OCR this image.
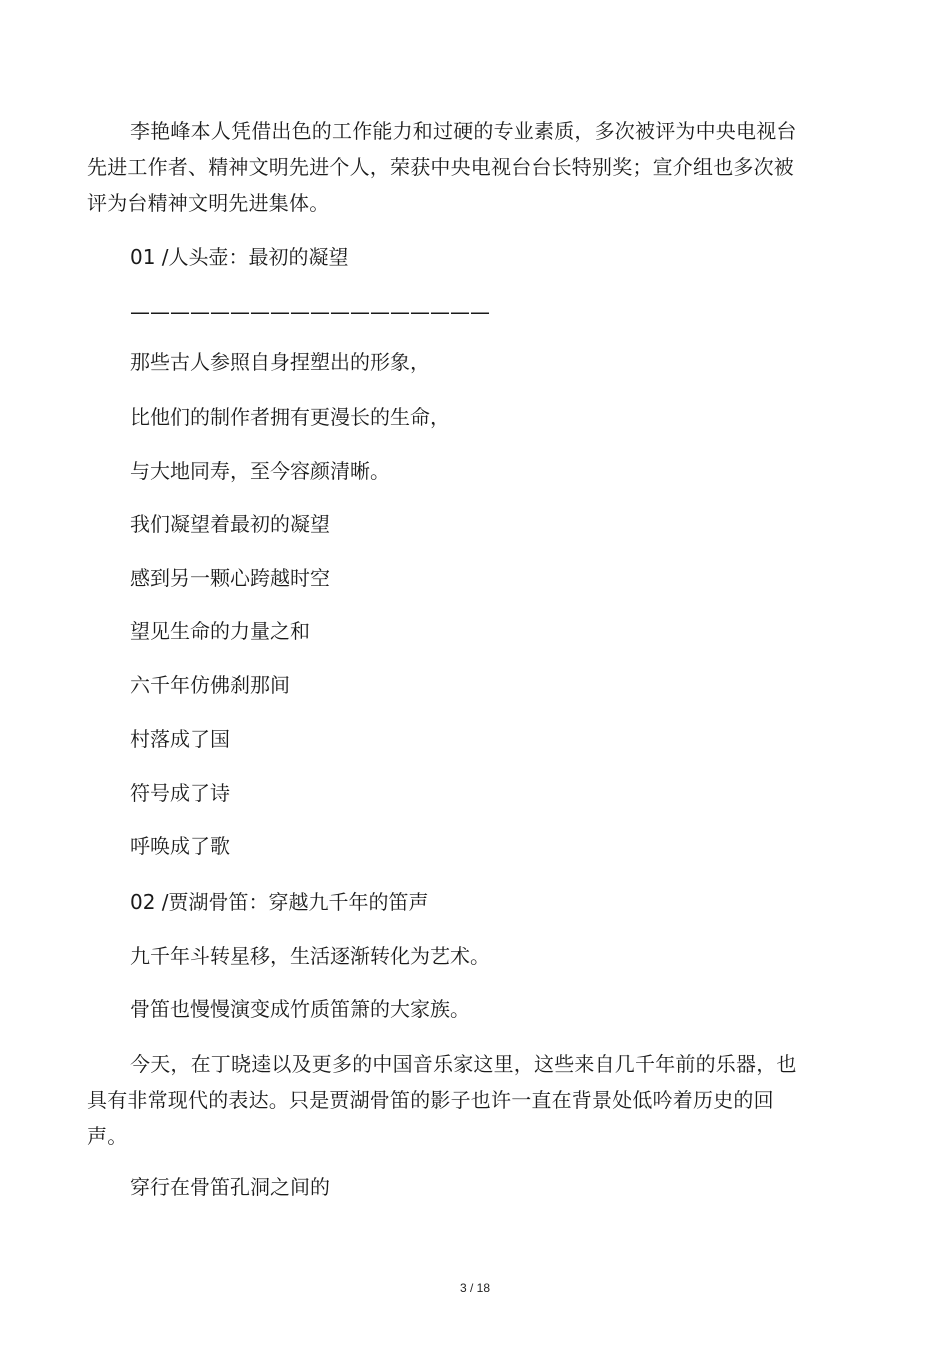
李艳峰本人凭借出色的工作能力和过硬的专业素质，多次被评为中央电视台先进工作者、精神文明先进个人，荣获中央电视台台长特别奖；宣介组也多次被评为台精神文明先进集体。

01 /人头壶：最初的凝望

——————————————————

那些古人参照自身捏塑出的形象，

比他们的制作者拥有更漫长的生命，

与大地同寿，至今容颜清晰。

我们凝望着最初的凝望

感到另一颗心跨越时空

望见生命的力量之和

六千年仿佛刹那间

村落成了国

符号成了诗

呼唤成了歌

02 /贾湖骨笛：穿越九千年的笛声

九千年斗转星移，生活逐渐转化为艺术。

骨笛也慢慢演变成竹质笛箫的大家族。

今天，在丁晓逵以及更多的中国音乐家这里，这些来自几千年前的乐器，也具有非常现代的表达。只是贾湖骨笛的影子也许一直在背景处低吟着历史的回声。

穿行在骨笛孔洞之间的

3 / 18
